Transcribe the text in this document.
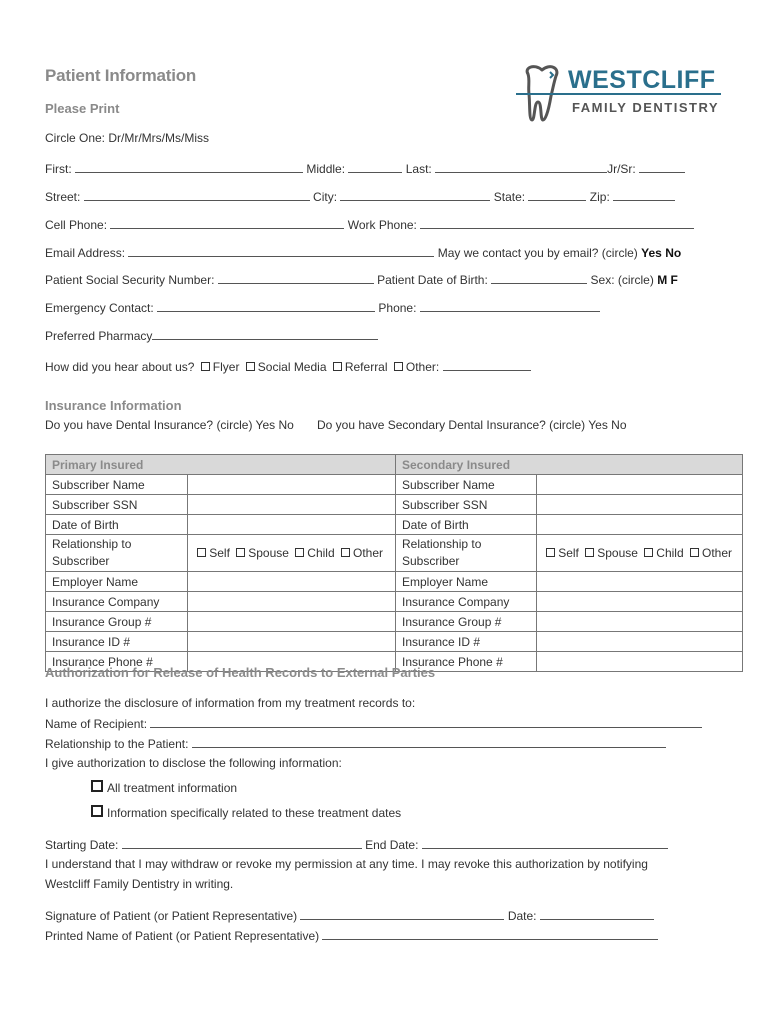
Patient Information
Please Print
WESTCLIFF
FAMILY DENTISTRY
Circle One: Dr/Mr/Mrs/Ms/Miss
First:	Middle:	Last:	Jr/Sr:
Street:	City:	State:	Zip:
Cell Phone:	Work Phone:
Email Address:	May we contact you by email? (circle) Yes No
Patient Social Security Number:	Patient Date of Birth:	Sex: (circle) M F
Emergency Contact:	Phone:
Preferred Pharmacy
How did you hear about us? Flyer Social Media Referral Other:
Insurance Information
Do you have Dental Insurance? (circle) Yes No Do you have Secondary Dental Insurance? (circle) Yes No
Primary Insured		Secondary Insured	
Subscriber Name		Subscriber Name	
Subscriber SSN		Subscriber SSN	
Date of Birth		Date of Birth	
Relationship to Subscriber	Self Spouse Child Other	Relationship to Subscriber	Self Spouse Child Other
Employer Name		Employer Name	
Insurance Company		Insurance Company	
Insurance Group #		Insurance Group #	
Insurance ID #		Insurance ID #	
Insurance Phone #		Insurance Phone #	
Authorization for Release of Health Records to External Parties
I authorize the disclosure of information from my treatment records to:
Name of Recipient:
Relationship to the Patient:
I give authorization to disclose the following information:
All treatment information
Information specifically related to these treatment dates
Starting Date:	End Date:
I understand that I may withdraw or revoke my permission at any time. I may revoke this authorization by notifying
Westcliff Family Dentistry in writing.
Signature of Patient (or Patient Representative)	Date:
Printed Name of Patient (or Patient Representative)
